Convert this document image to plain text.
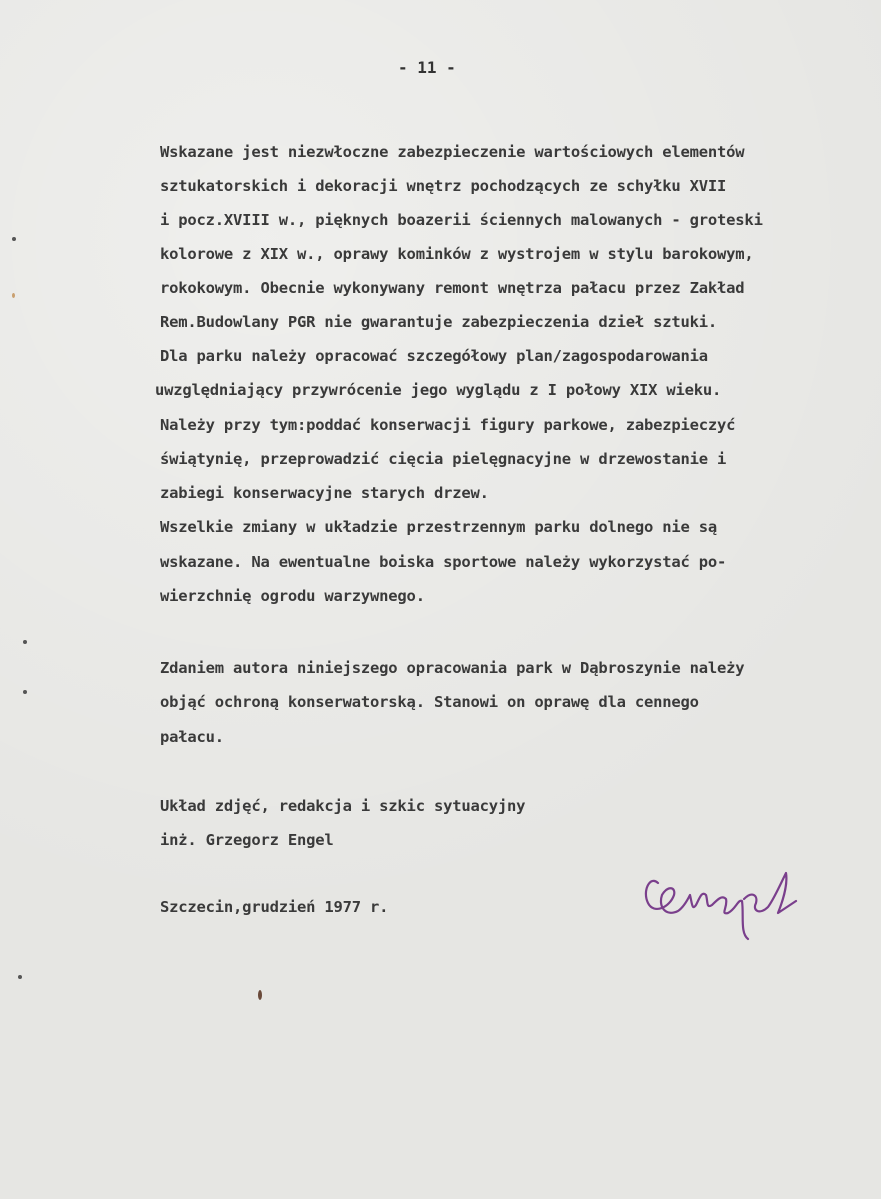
- 11 -
Wskazane jest niezwłoczne zabezpieczenie wartościowych elementów
sztukatorskich i dekoracji wnętrz pochodzących ze schyłku XVII
i pocz.XVIII w., pięknych boazerii ściennych malowanych - groteski
kolorowe z XIX w., oprawy kominków z wystrojem w stylu barokowym,
rokokowym. Obecnie wykonywany remont wnętrza pałacu przez Zakład
Rem.Budowlany PGR nie gwarantuje zabezpieczenia dzieł sztuki.
Dla parku należy opracować szczegółowy plan/zagospodarowania
uwzględniający przywrócenie jego wyglądu z I połowy XIX wieku.
Należy przy tym:poddać konserwacji figury parkowe, zabezpieczyć
świątynię, przeprowadzić cięcia pielęgnacyjne w drzewostanie i
zabiegi konserwacyjne starych drzew.
Wszelkie zmiany w układzie przestrzennym parku dolnego nie są
wskazane. Na ewentualne boiska sportowe należy wykorzystać po-
wierzchnię ogrodu warzywnego.
Zdaniem autora niniejszego opracowania park w Dąbroszynie należy
objąć ochroną konserwatorską. Stanowi on oprawę dla cennego
pałacu.
Układ zdjęć, redakcja i szkic sytuacyjny
inż. Grzegorz Engel
Szczecin,grudzień 1977 r.
